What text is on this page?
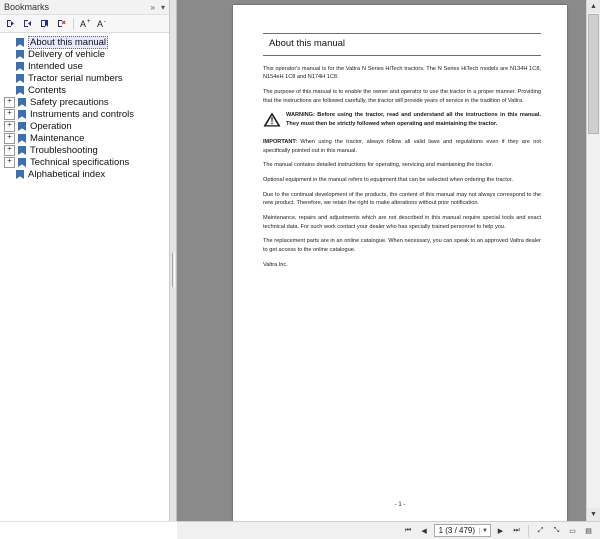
Bookmarks	» ▾
A + A -
About this manual
Delivery of vehicle
Intended use
Tractor serial numbers
Contents
+	Safety precautions
+	Instruments and controls
+	Operation
+	Maintenance
+	Troubleshooting
+	Technical specifications
Alphabetical index
About this manual

This operator's manual is for the Valtra N Series HiTech tractors. The N Series HiTech models are N134H 1C8, N154eH 1C8 and N174H 1C8.

The purpose of this manual is to enable the owner and operator to use the tractor in a proper manner. Providing that the instructions are followed carefully, the tractor will provide years of service in the tradition of Valtra.

WARNING: Before using the tractor, read and understand all the instructions in this manual. They must then be strictly followed when operating and maintaining the tractor.

IMPORTANT: When using the tractor, always follow all valid laws and regulations even if they are not specifically pointed out in this manual.

The manual contains detailed instructions for operating, servicing and maintaining the tractor.

Optional equipment in the manual refers to equipment that can be selected when ordering the tractor.

Due to the continual development of the products, the content of this manual may not always correspond to the new product. Therefore, we retain the right to make alterations without prior notification.

Maintenance, repairs and adjustments which are not described in this manual require special tools and exact technical data. For such work contact your dealer who has specially trained personnel to help you.

The replacement parts are in an online catalogue. When necessary, you can speak to an approved Valtra dealer to get access to the online catalogue.

Valtra Inc.

- 1 -
▲
▼
⏮	◀	1 (3 / 479)	▼	▶	⏭	⤢	⤡	▭	▤
